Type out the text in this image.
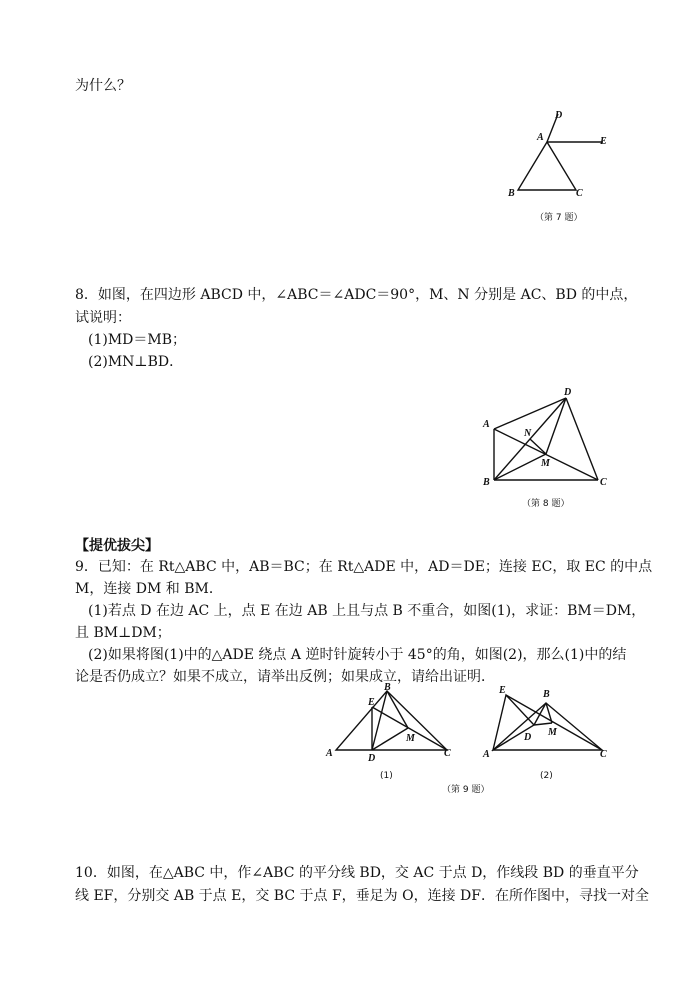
为什么？

D
A	E
B	C
（第 7 题）

8．如图，在四边形 ABCD 中，∠ABC＝∠ADC＝90°，M、N 分别是 AC、BD 的中点，

试说明：

(1)MD＝MB；

(2)MN⊥BD．

D
A
N
M
B	C
（第 8 题）

【提优拔尖】

9．已知：在 Rt△ABC 中，AB＝BC；在 Rt△ADE 中，AD＝DE；连接 EC，取 EC 的中点

M，连接 DM 和 BM．

(1)若点 D 在边 AC 上，点 E 在边 AB 上且与点 B 不重合，如图(1)，求证：BM＝DM，

且 BM⊥DM；

(2)如果将图(1)中的△ADE 绕点 A 逆时针旋转小于 45°的角，如图(2)，那么(1)中的结

论是否仍成立？如果不成立，请举出反例；如果成立，请给出证明．

B
E
M
A	D	C
(1)
E	B
D M
A	C
(2)
（第 9 题）

10．如图，在△ABC 中，作∠ABC 的平分线 BD，交 AC 于点 D，作线段 BD 的垂直平分

线 EF，分别交 AB 于点 E，交 BC 于点 F，垂足为 O，连接 DF．在所作图中，寻找一对全
